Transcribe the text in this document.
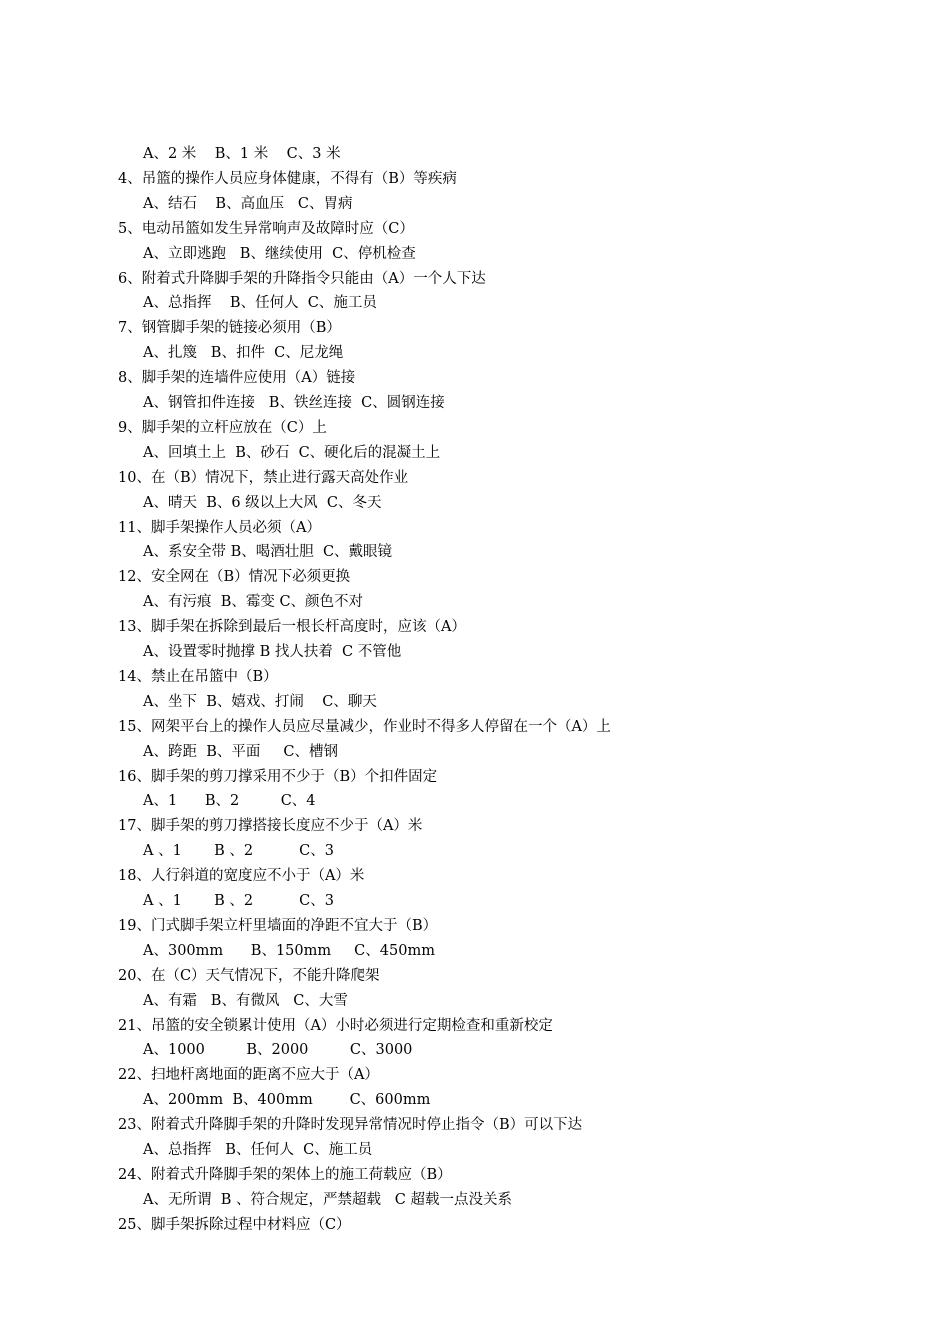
A、2 米    B、1 米    C、3 米
4、吊篮的操作人员应身体健康，不得有（B）等疾病
A、结石    B、高血压   C、胃病
5、电动吊篮如发生异常响声及故障时应（C）
A、立即逃跑   B、继续使用  C、停机检查
6、附着式升降脚手架的升降指令只能由（A）一个人下达
A、总指挥    B、任何人  C、施工员
7、钢管脚手架的链接必须用（B）
A、扎篾   B、扣件  C、尼龙绳
8、脚手架的连墙件应使用（A）链接
A、钢管扣件连接   B、铁丝连接  C、圆钢连接
9、脚手架的立杆应放在（C）上
A、回填土上  B、砂石  C、硬化后的混凝土上
10、在（B）情况下，禁止进行露天高处作业
A、晴天  B、6 级以上大风  C、冬天
11、脚手架操作人员必须（A）
A、系安全带 B、喝酒壮胆  C、戴眼镜
12、安全网在（B）情况下必须更换
A、有污痕  B、霉变 C、颜色不对
13、脚手架在拆除到最后一根长杆高度时，应该（A）
A、设置零时抛撑 B 找人扶着  C 不管他
14、禁止在吊篮中（B）
A、坐下  B、嬉戏、打闹    C、聊天
15、网架平台上的操作人员应尽量减少，作业时不得多人停留在一个（A）上
A、跨距  B、平面     C、槽钢
16、脚手架的剪刀撑采用不少于（B）个扣件固定
A、1      B、2         C、4
17、脚手架的剪刀撑搭接长度应不少于（A）米
A 、1       B 、2          C、3
18、人行斜道的宽度应不小于（A）米
A 、1       B 、2          C、3
19、门式脚手架立杆里墙面的净距不宜大于（B）
A、300mm      B、150mm     C、450mm
20、在（C）天气情况下，不能升降爬架
A、有霜   B、有微风   C、大雪
21、吊篮的安全锁累计使用（A）小时必须进行定期检查和重新校定
A、1000         B、2000         C、3000
22、扫地杆离地面的距离不应大于（A）
A、200mm  B、400mm        C、600mm
23、附着式升降脚手架的升降时发现异常情况时停止指令（B）可以下达
A、总指挥   B、任何人  C、施工员
24、附着式升降脚手架的架体上的施工荷载应（B）
A、无所谓  B 、符合规定，严禁超载   C 超载一点没关系
25、脚手架拆除过程中材料应（C）
